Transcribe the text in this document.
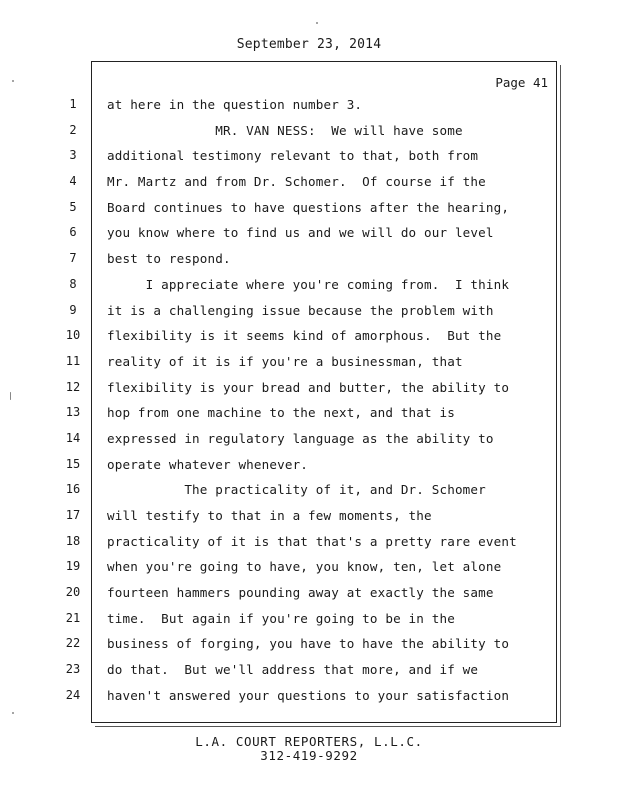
September 23, 2014
Page 41
1	at here in the question number 3.
2	MR. VAN NESS:  We will have some
3	additional testimony relevant to that, both from
4	Mr. Martz and from Dr. Schomer.  Of course if the
5	Board continues to have questions after the hearing,
6	you know where to find us and we will do our level
7	best to respond.
8	I appreciate where you're coming from.  I think
9	it is a challenging issue because the problem with
10	flexibility is it seems kind of amorphous.  But the
11	reality of it is if you're a businessman, that
12	flexibility is your bread and butter, the ability to
13	hop from one machine to the next, and that is
14	expressed in regulatory language as the ability to
15	operate whatever whenever.
16	The practicality of it, and Dr. Schomer
17	will testify to that in a few moments, the
18	practicality of it is that that's a pretty rare event
19	when you're going to have, you know, ten, let alone
20	fourteen hammers pounding away at exactly the same
21	time.  But again if you're going to be in the
22	business of forging, you have to have the ability to
23	do that.  But we'll address that more, and if we
24	haven't answered your questions to your satisfaction
L.A. COURT REPORTERS, L.L.C.
312-419-9292
